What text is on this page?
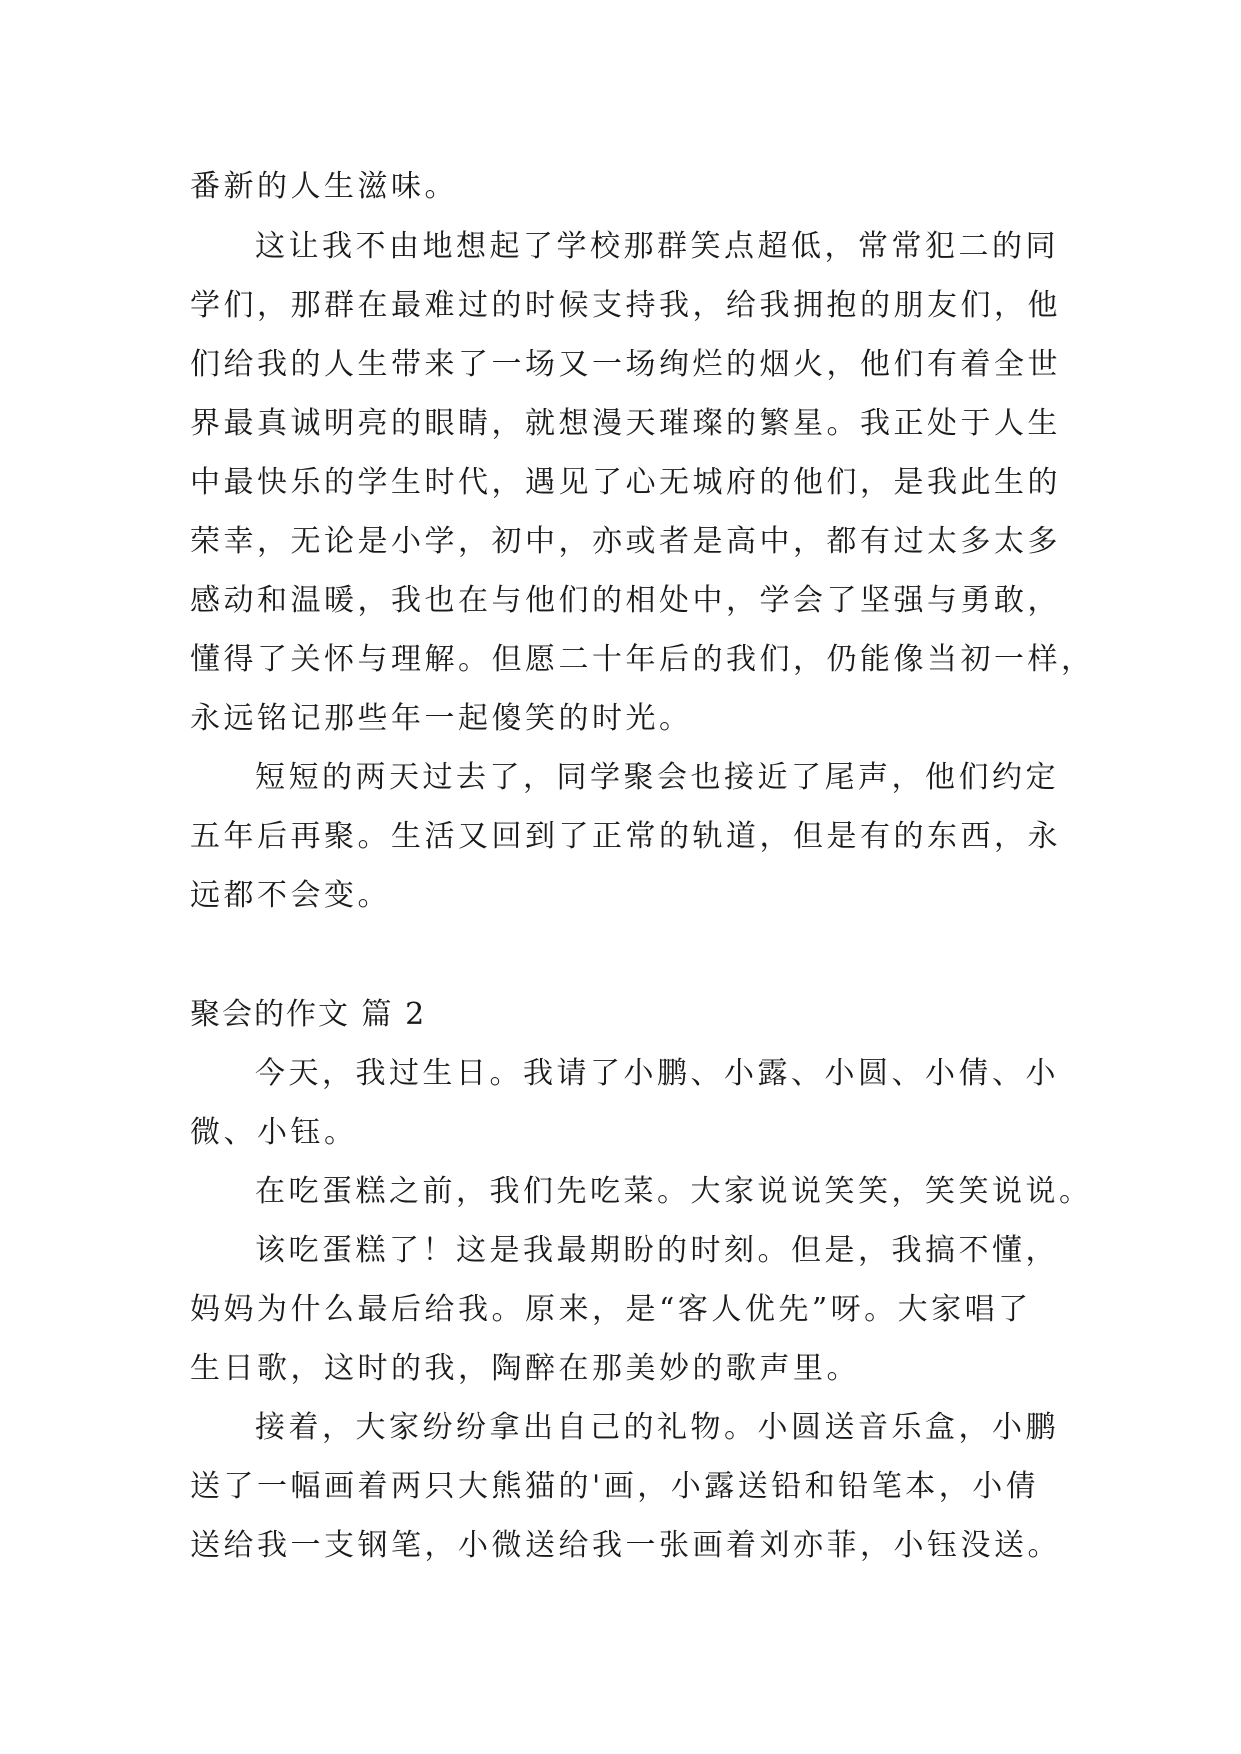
番新的人生滋味。
这让我不由地想起了学校那群笑点超低，常常犯二的同
学们，那群在最难过的时候支持我，给我拥抱的朋友们，他
们给我的人生带来了一场又一场绚烂的烟火，他们有着全世
界最真诚明亮的眼睛，就想漫天璀璨的繁星。我正处于人生
中最快乐的学生时代，遇见了心无城府的他们，是我此生的
荣幸，无论是小学，初中，亦或者是高中，都有过太多太多
感动和温暖，我也在与他们的相处中，学会了坚强与勇敢，
懂得了关怀与理解。但愿二十年后的我们，仍能像当初一样，
永远铭记那些年一起傻笑的时光。
短短的两天过去了，同学聚会也接近了尾声，他们约定
五年后再聚。生活又回到了正常的轨道，但是有的东西，永
远都不会变。
聚会的作文 篇 2
今天，我过生日。我请了小鹏、小露、小圆、小倩、小
微、小钰。
在吃蛋糕之前，我们先吃菜。大家说说笑笑，笑笑说说。
该吃蛋糕了！这是我最期盼的时刻。但是，我搞不懂，
妈妈为什么最后给我。原来，是“客人优先”呀。大家唱了
生日歌，这时的我，陶醉在那美妙的歌声里。
接着，大家纷纷拿出自己的礼物。小圆送音乐盒，小鹏
送了一幅画着两只大熊猫的'画，小露送铅和铅笔本，小倩
送给我一支钢笔，小微送给我一张画着刘亦菲，小钰没送。
